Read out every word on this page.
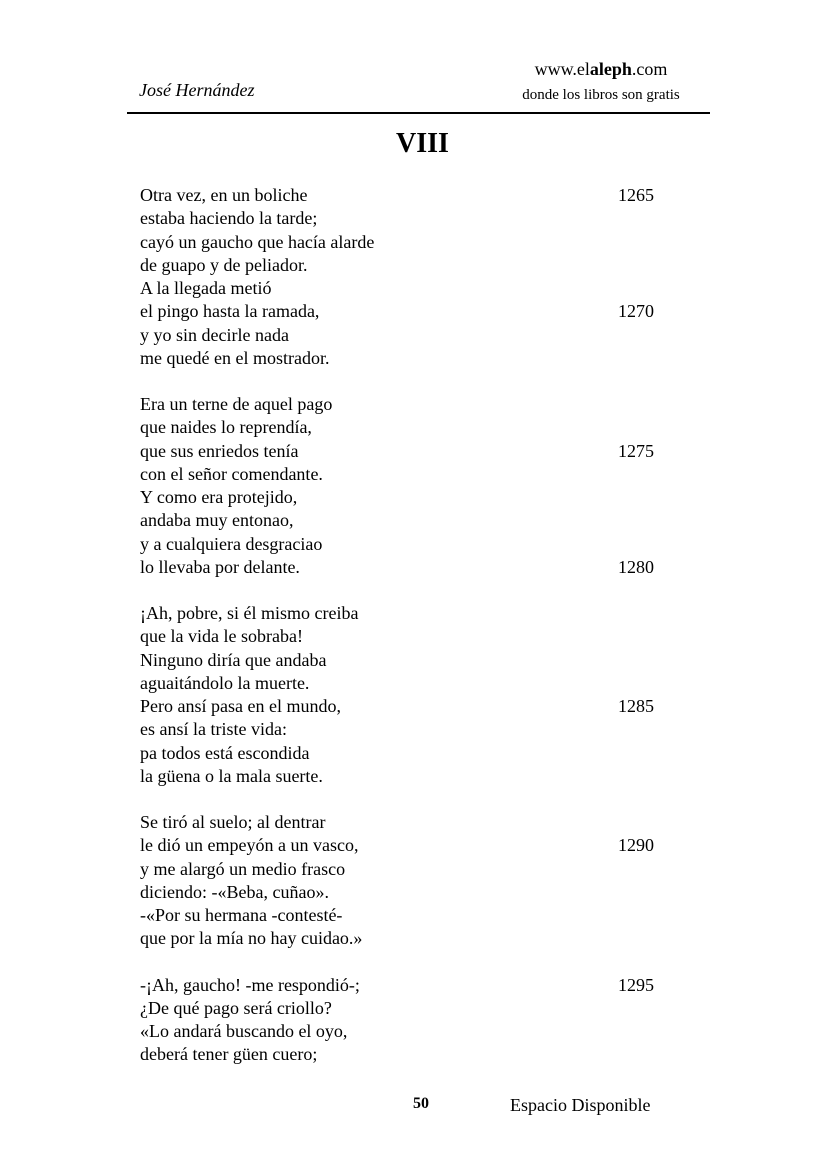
José Hernández
www.elaleph.com
donde los libros son gratis
VIII
Otra vez, en un boliche	1265
estaba haciendo la tarde;
cayó un gaucho que hacía alarde
de guapo y de peliador.
A la llegada metió
el pingo hasta la ramada,	1270
y yo sin decirle nada
me quedé en el mostrador.
Era un terne de aquel pago
que naides lo reprendía,
que sus enriedos tenía	1275
con el señor comendante.
Y como era protejido,
andaba muy entonao,
y a cualquiera desgraciao
lo llevaba por delante.	1280
¡Ah, pobre, si él mismo creiba
que la vida le sobraba!
Ninguno diría que andaba
aguaitándolo la muerte.
Pero ansí pasa en el mundo,	1285
es ansí la triste vida:
pa todos está escondida
la güena o la mala suerte.
Se tiró al suelo; al dentrar
le dió un empeyón a un vasco,	1290
y me alargó un medio frasco
diciendo: -«Beba, cuñao».
-«Por su hermana -contesté-
que por la mía no hay cuidao.»
-¡Ah, gaucho! -me respondió-;	1295
¿De qué pago será criollo?
«Lo andará buscando el oyo,
deberá tener güen cuero;
50	Espacio Disponible
